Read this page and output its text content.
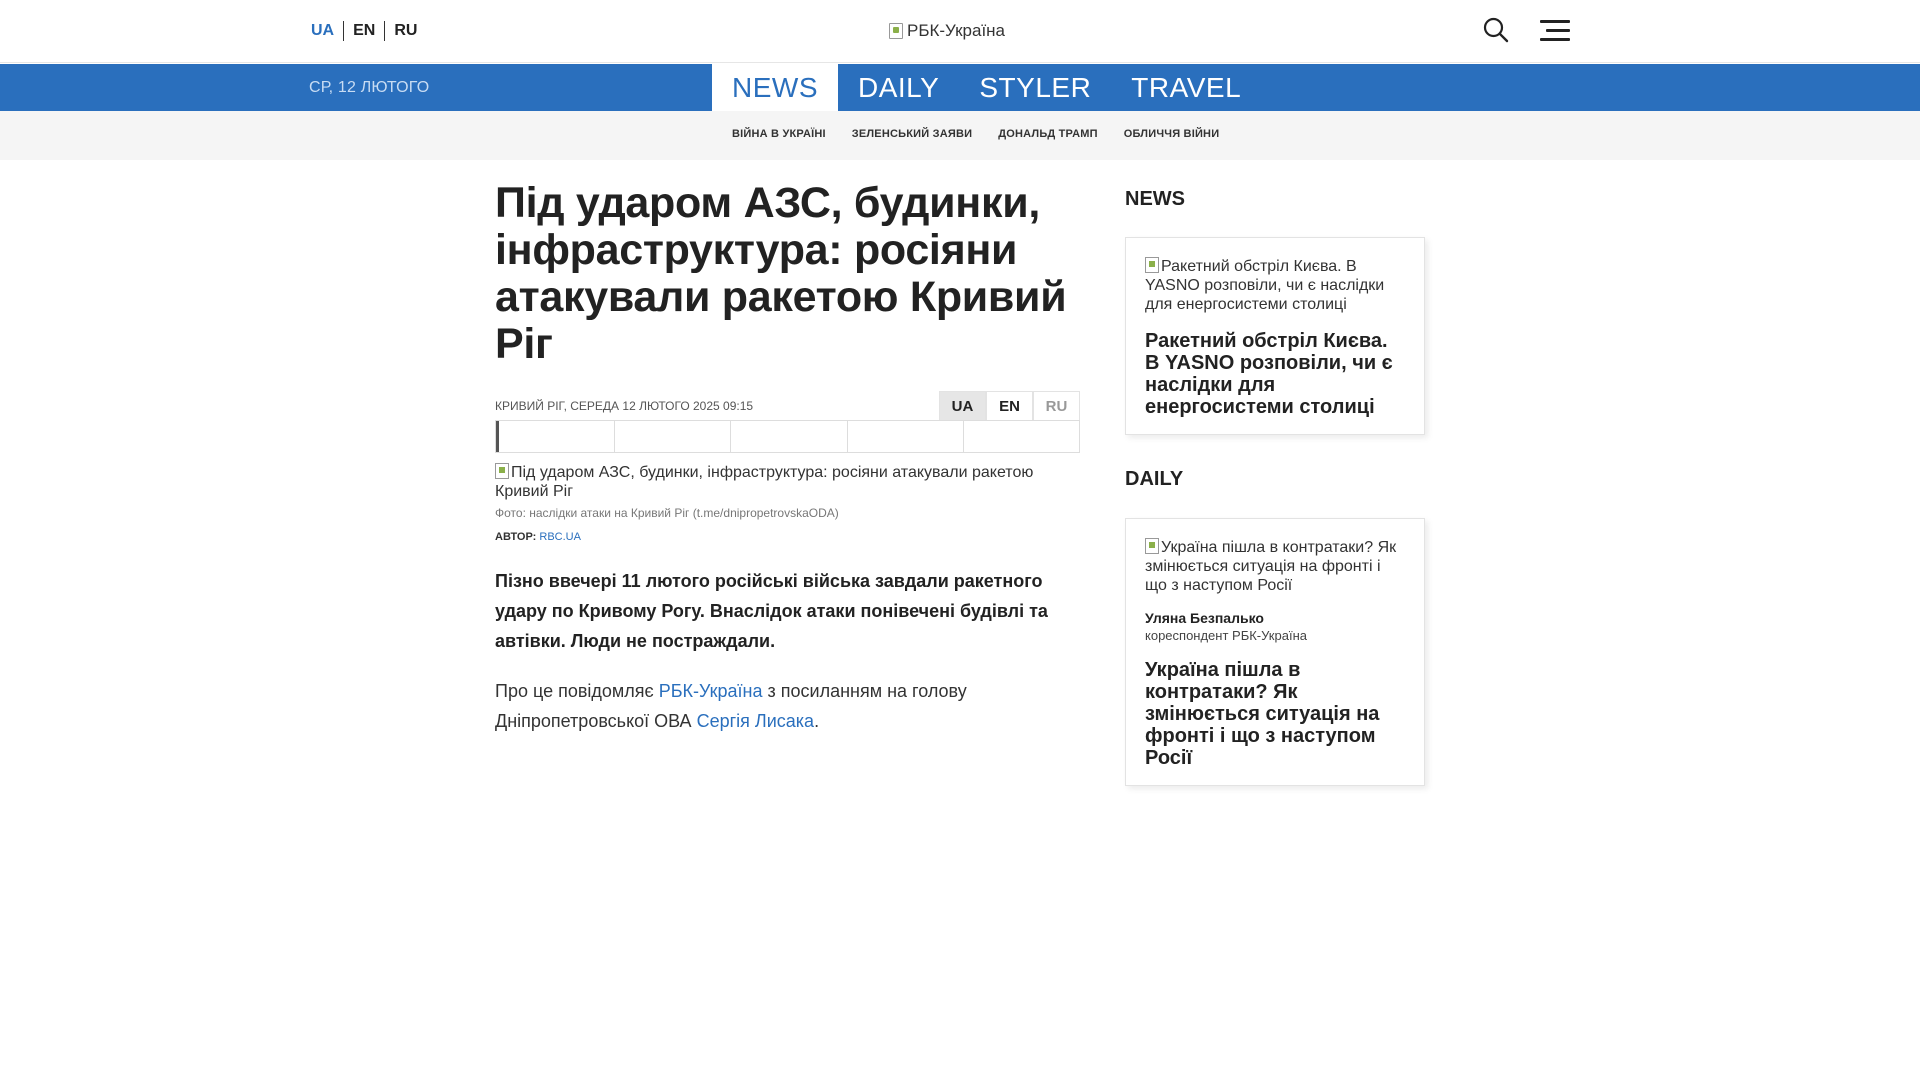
UA	EN	RU	РБК-Україна
СР, 12 ЛЮТОГО	NEWS	DAILY	STYLER	TRAVEL
ВІЙНА В УКРАЇНІ ЗЕЛЕНСЬКИЙ ЗАЯВИ ДОНАЛЬД ТРАМП ОБЛИЧЧЯ ВІЙНИ
Під ударом АЗС, будинки, інфраструктура: росіяни атакували ракетою Кривий Ріг
КРИВИЙ РІГ, СЕРЕДА 12 ЛЮТОГО 2025 09:15	UA	EN	RU
Під ударом АЗС, будинки, інфраструктура: росіяни атакували ракетою Кривий Ріг
Фото: наслідки атаки на Кривий Ріг (t.me/dnipropetrovskaODA)
АВТОР: RBC.UA

Пізно ввечері 11 лютого російські війська завдали ракетного удару по Кривому Рогу. Внаслідок атаки понівечені будівлі та автівки. Люди не постраждали.

Про це повідомляє РБК-Україна з посиланням на голову Дніпропетровської ОВА Сергія Лисака.

NEWS
Ракетний обстріл Києва. В YASNO розповіли, чи є наслідки для енергосистеми столиці
Ракетний обстріл Києва. В YASNO розповіли, чи є наслідки для енергосистеми столиці
DAILY
Україна пішла в контратаки? Як змінюється ситуація на фронті і що з наступом Росії
Уляна Безпалько
кореспондент РБК-Україна
Україна пішла в контратаки? Як змінюється ситуація на фронті і що з наступом Росії
